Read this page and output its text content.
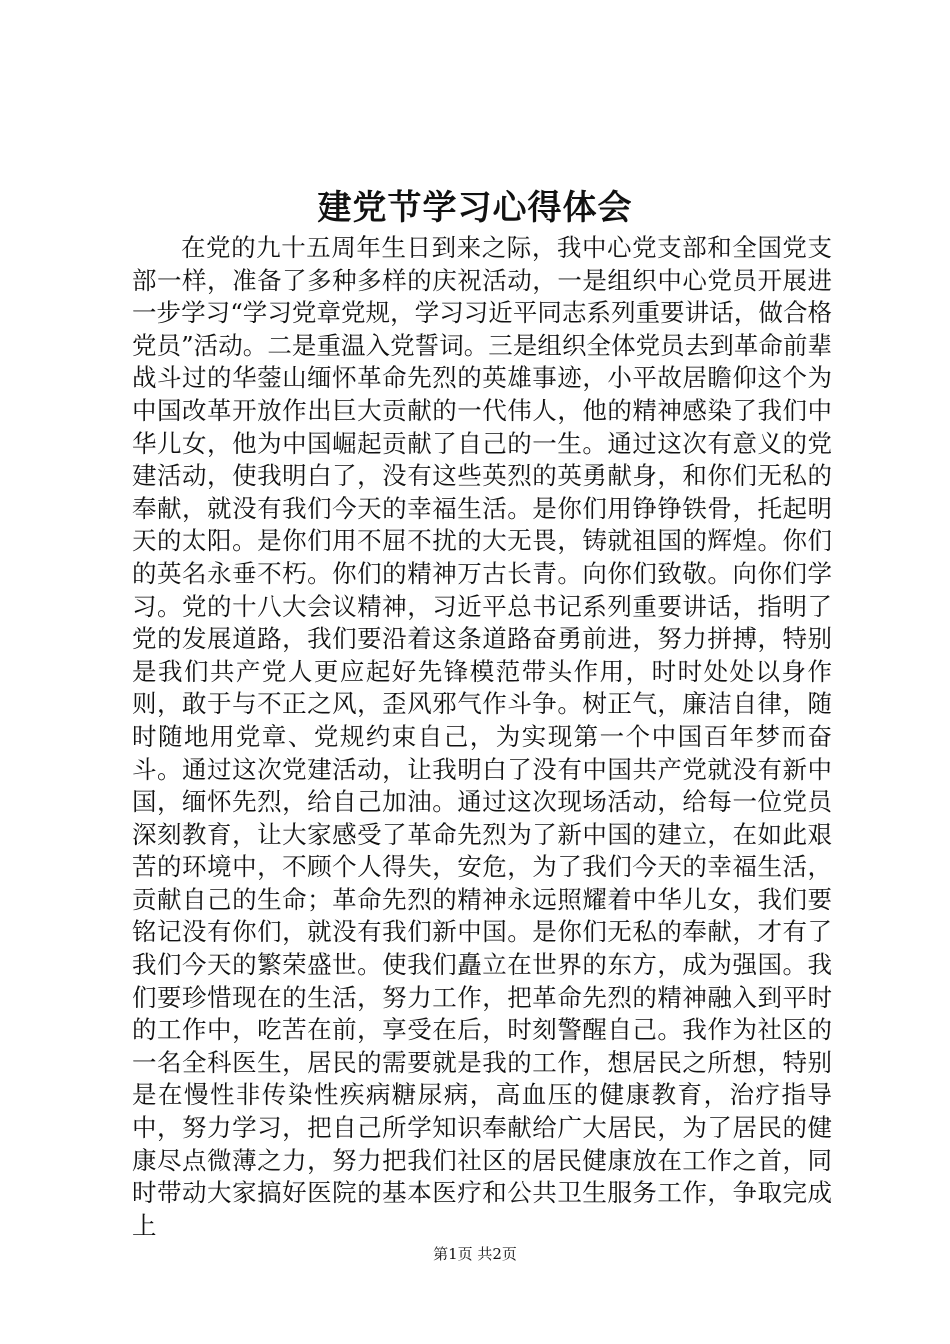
建党节学习心得体会

在党的九十五周年生日到来之际，我中心党支部和全国党支部一样，准备了多种多样的庆祝活动，一是组织中心党员开展进一步学习“学习党章党规，学习习近平同志系列重要讲话，做合格党员”活动。二是重温入党誓词。三是组织全体党员去到革命前辈战斗过的华蓥山缅怀革命先烈的英雄事迹，小平故居瞻仰这个为中国改革开放作出巨大贡献的一代伟人，他的精神感染了我们中华儿女，他为中国崛起贡献了自己的一生。通过这次有意义的党建活动，使我明白了，没有这些英烈的英勇献身，和你们无私的奉献，就没有我们今天的幸福生活。是你们用铮铮铁骨，托起明天的太阳。是你们用不屈不扰的大无畏，铸就祖国的辉煌。你们的英名永垂不朽。你们的精神万古长青。向你们致敬。向你们学习。党的十八大会议精神，习近平总书记系列重要讲话，指明了党的发展道路，我们要沿着这条道路奋勇前进，努力拼搏，特别是我们共产党人更应起好先锋模范带头作用，时时处处以身作则，敢于与不正之风，歪风邪气作斗争。树正气，廉洁自律，随时随地用党章、党规约束自己，为实现第一个中国百年梦而奋斗。通过这次党建活动，让我明白了没有中国共产党就没有新中国，缅怀先烈，给自己加油。通过这次现场活动，给每一位党员深刻教育，让大家感受了革命先烈为了新中国的建立，在如此艰苦的环境中，不顾个人得失，安危，为了我们今天的幸福生活，贡献自己的生命；革命先烈的精神永远照耀着中华儿女，我们要铭记没有你们，就没有我们新中国。是你们无私的奉献，才有了我们今天的繁荣盛世。使我们矗立在世界的东方，成为强国。我们要珍惜现在的生活，努力工作，把革命先烈的精神融入到平时的工作中，吃苦在前，享受在后，时刻警醒自己。我作为社区的一名全科医生，居民的需要就是我的工作，想居民之所想，特别是在慢性非传染性疾病糖尿病，高血压的健康教育，治疗指导中，努力学习，把自己所学知识奉献给广大居民，为了居民的健康尽点微薄之力，努力把我们社区的居民健康放在工作之首，同时带动大家搞好医院的基本医疗和公共卫生服务工作，争取完成上

第1页 共2页
